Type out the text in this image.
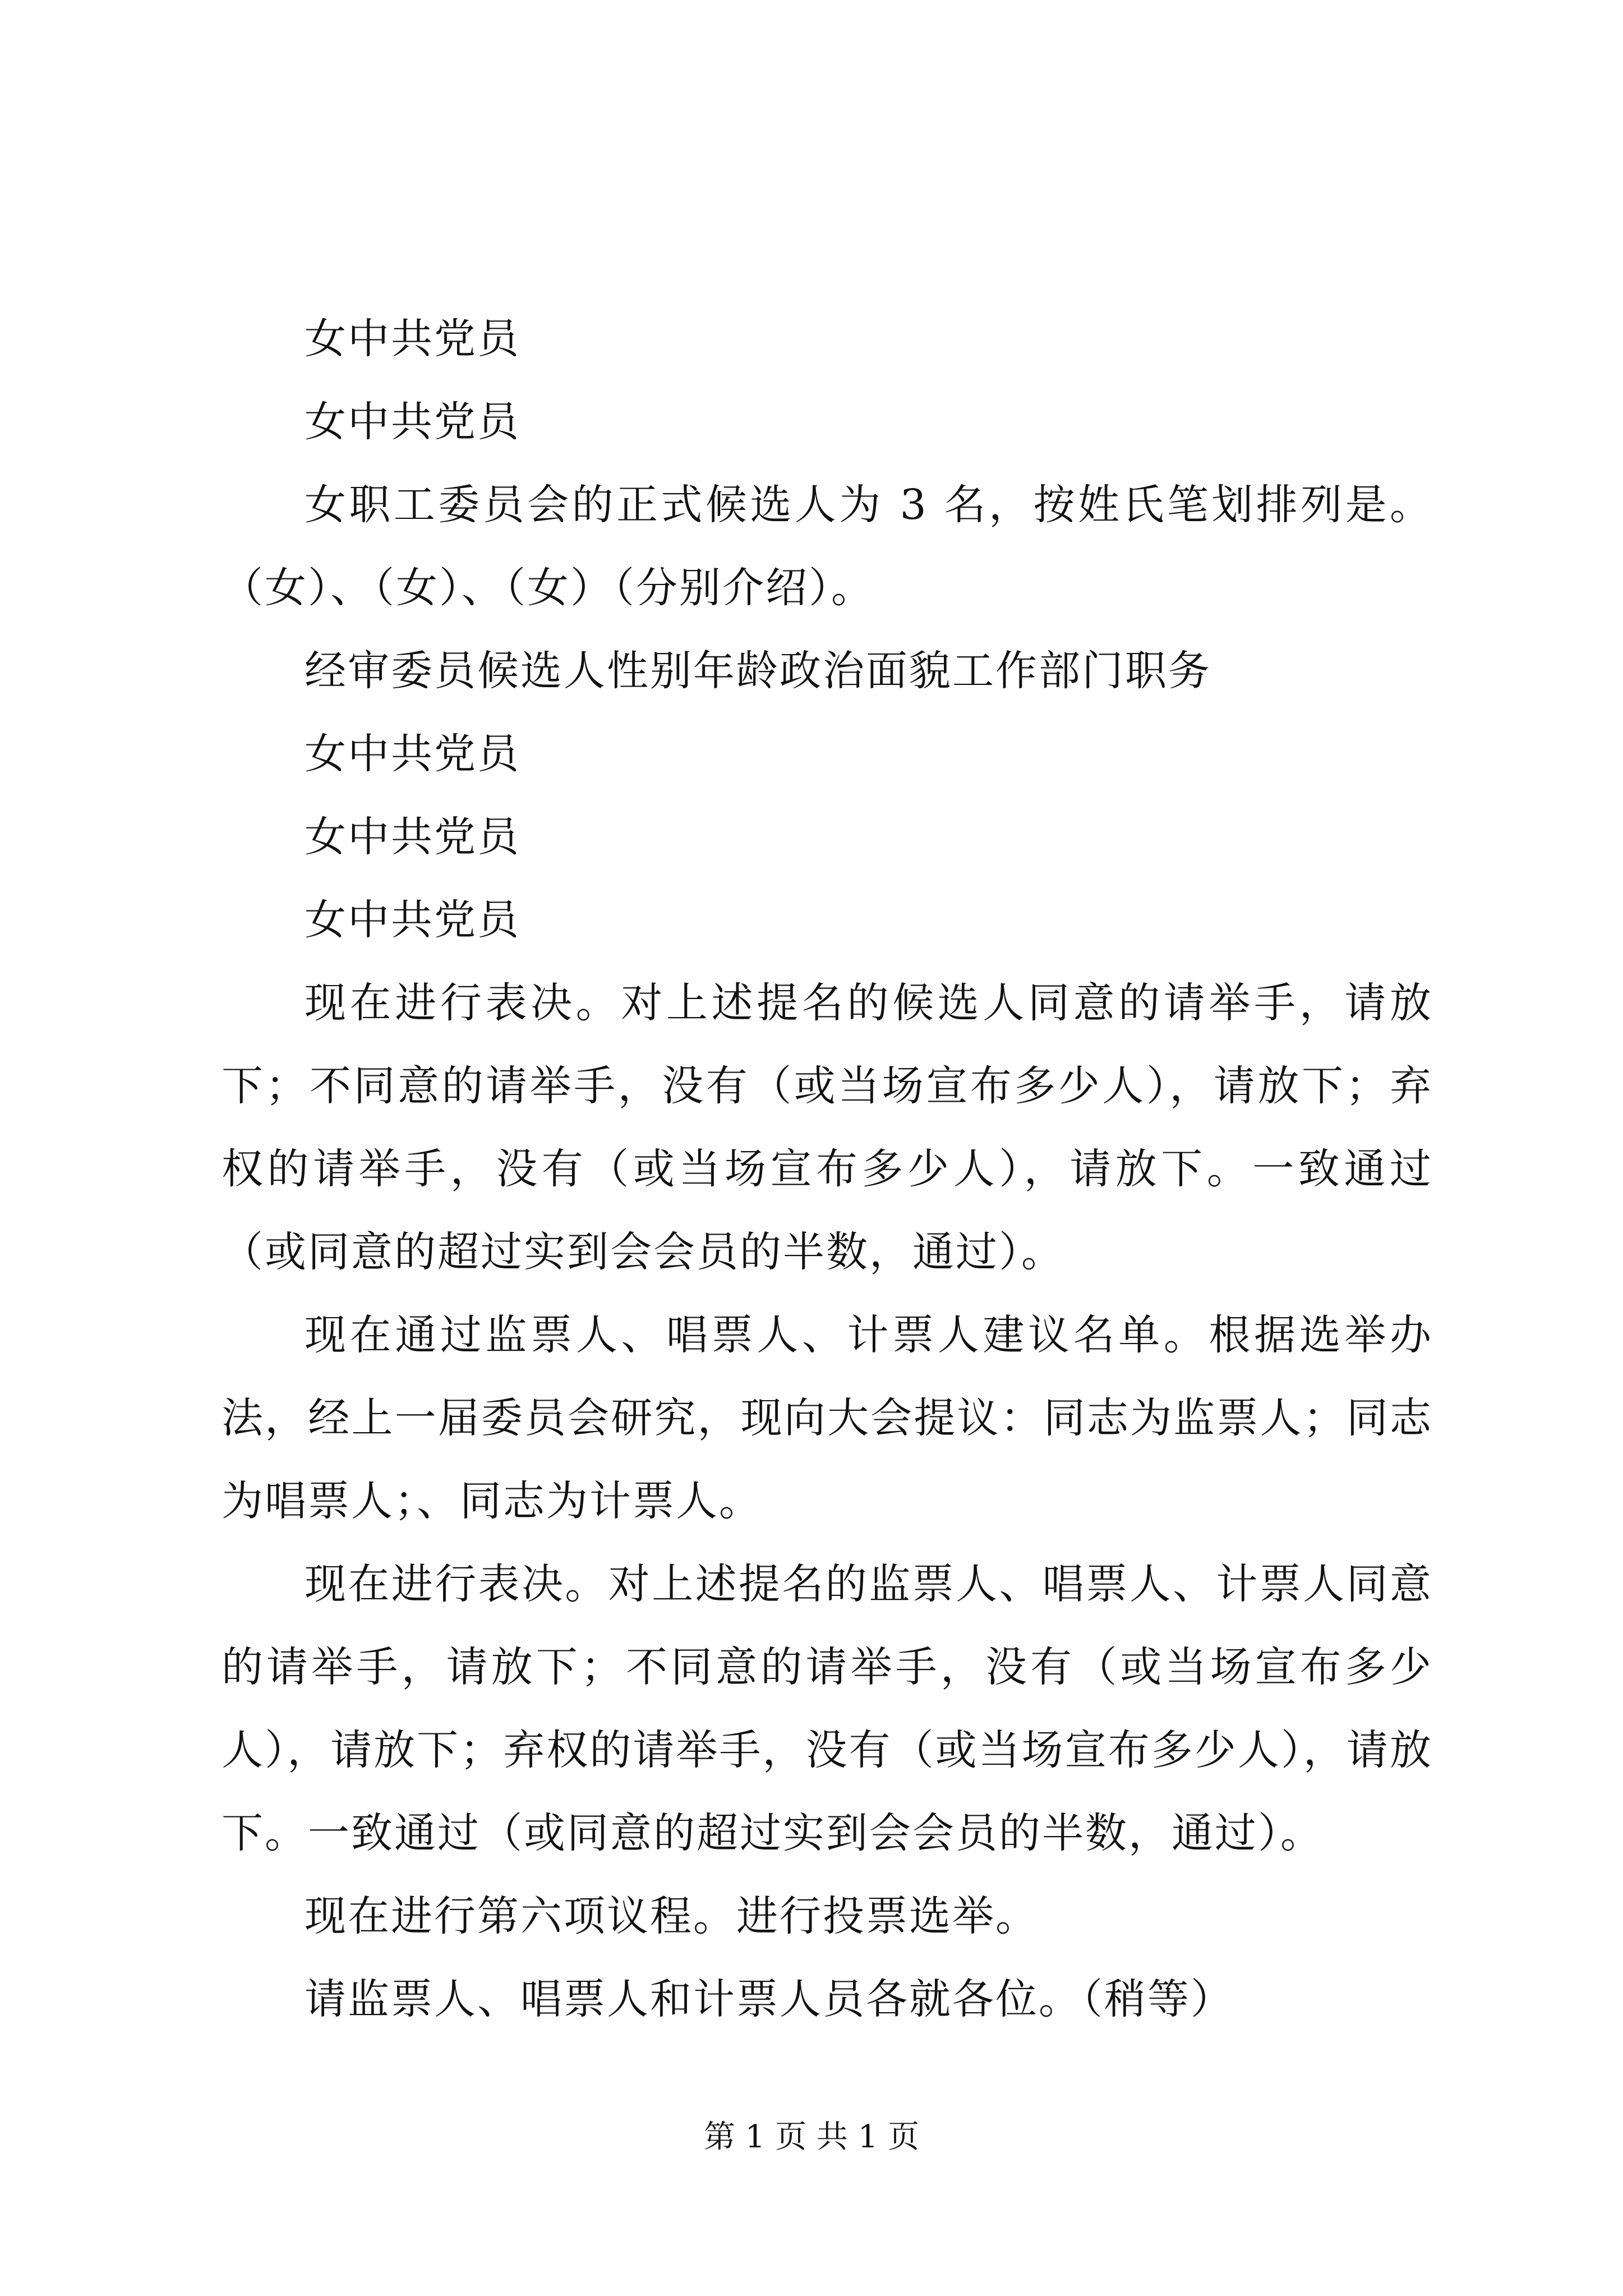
女中共党员
女中共党员
女职工委员会的正式候选人为 3 名，按姓氏笔划排列是。（女）、（女）、（女）（分别介绍）。
经审委员候选人性别年龄政治面貌工作部门职务
女中共党员
女中共党员
女中共党员
现在进行表决。对上述提名的候选人同意的请举手，请放下；不同意的请举手，没有（或当场宣布多少人），请放下；弃权的请举手，没有（或当场宣布多少人），请放下。一致通过（或同意的超过实到会会员的半数，通过）。
现在通过监票人、唱票人、计票人建议名单。根据选举办法，经上一届委员会研究，现向大会提议：同志为监票人；同志为唱票人；、同志为计票人。
现在进行表决。对上述提名的监票人、唱票人、计票人同意的请举手，请放下；不同意的请举手，没有（或当场宣布多少人），请放下；弃权的请举手，没有（或当场宣布多少人），请放下。一致通过（或同意的超过实到会会员的半数，通过）。
现在进行第六项议程。进行投票选举。
请监票人、唱票人和计票人员各就各位。（稍等）
第 1 页 共 1 页
